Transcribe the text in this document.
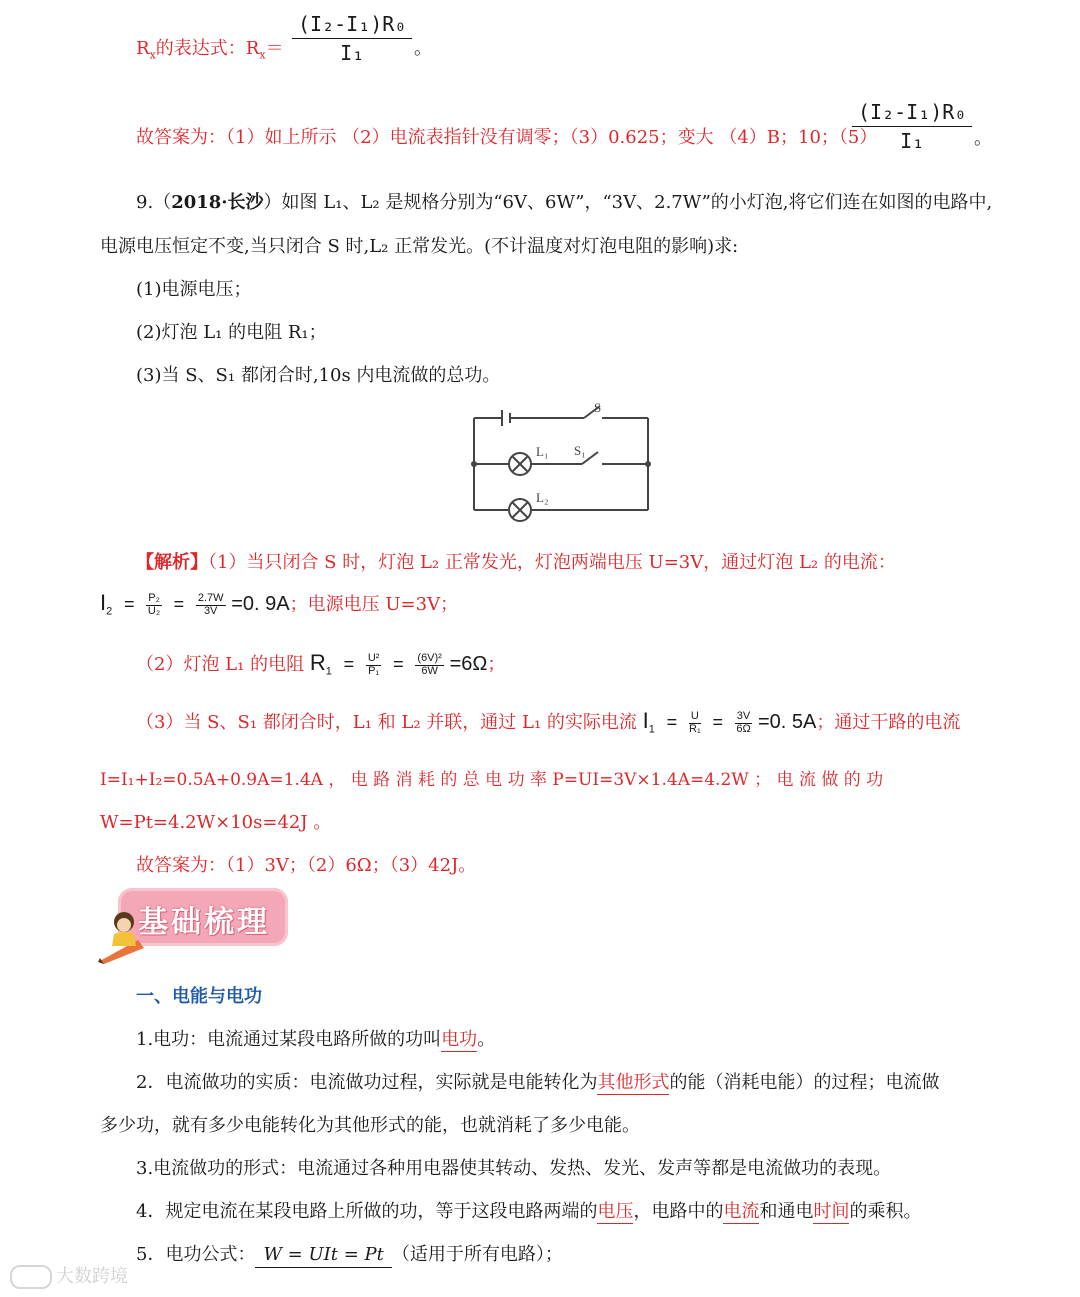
$R_x$的表达式：$R_x= \frac{\text{(I₂-I₁)R₀}}{\text{I₁}}$ 。
故答案为：（1）如上所示 （2）电流表指针没有调零；（3）0.625；变大 （4）B；10；（5）
$\frac{\text{(I₂-I₁)R₀}}{\text{I₁}}$ 。
9.（2018·长沙）如图 L₁、L₂ 是规格分别为“6V、6W”，“3V、2.7W”的小灯泡,将它们连在如图的电路中,
电源电压恒定不变,当只闭合 S 时,L₂ 正常发光。(不计温度对灯泡电阻的影响)求:
(1)电源电压；
(2)灯泡 L₁ 的电阻 R₁；
(3)当 S、S₁ 都闭合时,10s 内电流做的总功。
S
S₁
L₁
L₂
【解析】（1）当只闭合 S 时，灯泡 L₂ 正常发光，灯泡两端电压 U=3V，通过灯泡 L₂ 的电流：
$I_2 = \frac{\text{P₂}}{\text{U₂}} = \frac{2.7W}{3V} =0$. 9A；电源电压 U=3V；
（2）灯泡 L₁ 的电阻 $R_1 = \frac{\text{U²}}{\text{P₁}} = \frac{\text{(6V)²}}{6W} =6\Omega$；
（3）当 S、S₁ 都闭合时，L₁ 和 L₂ 并联，通过 L₁ 的实际电流 $I_1 = \frac{U}{\text{R₁}} = \frac{3V}{6\Omega} =0$. 5A；通过干路的电流
I=I₁+I₂=0.5A+0.9A=1.4A ， 电 路 消 耗 的 总 电 功 率 P=UI=3V×1.4A=4.2W ； 电 流 做 的 功
W=Pt=4.2W×10s=42J 。
故答案为：（1）3V；（2）6Ω；（3）42J。
基础梳理
一、电能与电功
1.电功：电流通过某段电路所做的功叫电功。
2．电流做功的实质：电流做功过程，实际就是电能转化为其他形式的能（消耗电能）的过程；电流做
多少功，就有多少电能转化为其他形式的能，也就消耗了多少电能。
3.电流做功的形式：电流通过各种用电器使其转动、发热、发光、发声等都是电流做功的表现。
4．规定电流在某段电路上所做的功，等于这段电路两端的电压，电路中的电流和通电时间的乘积。
5．电功公式： W = UIt = Pt （适用于所有电路）；
大数跨境
